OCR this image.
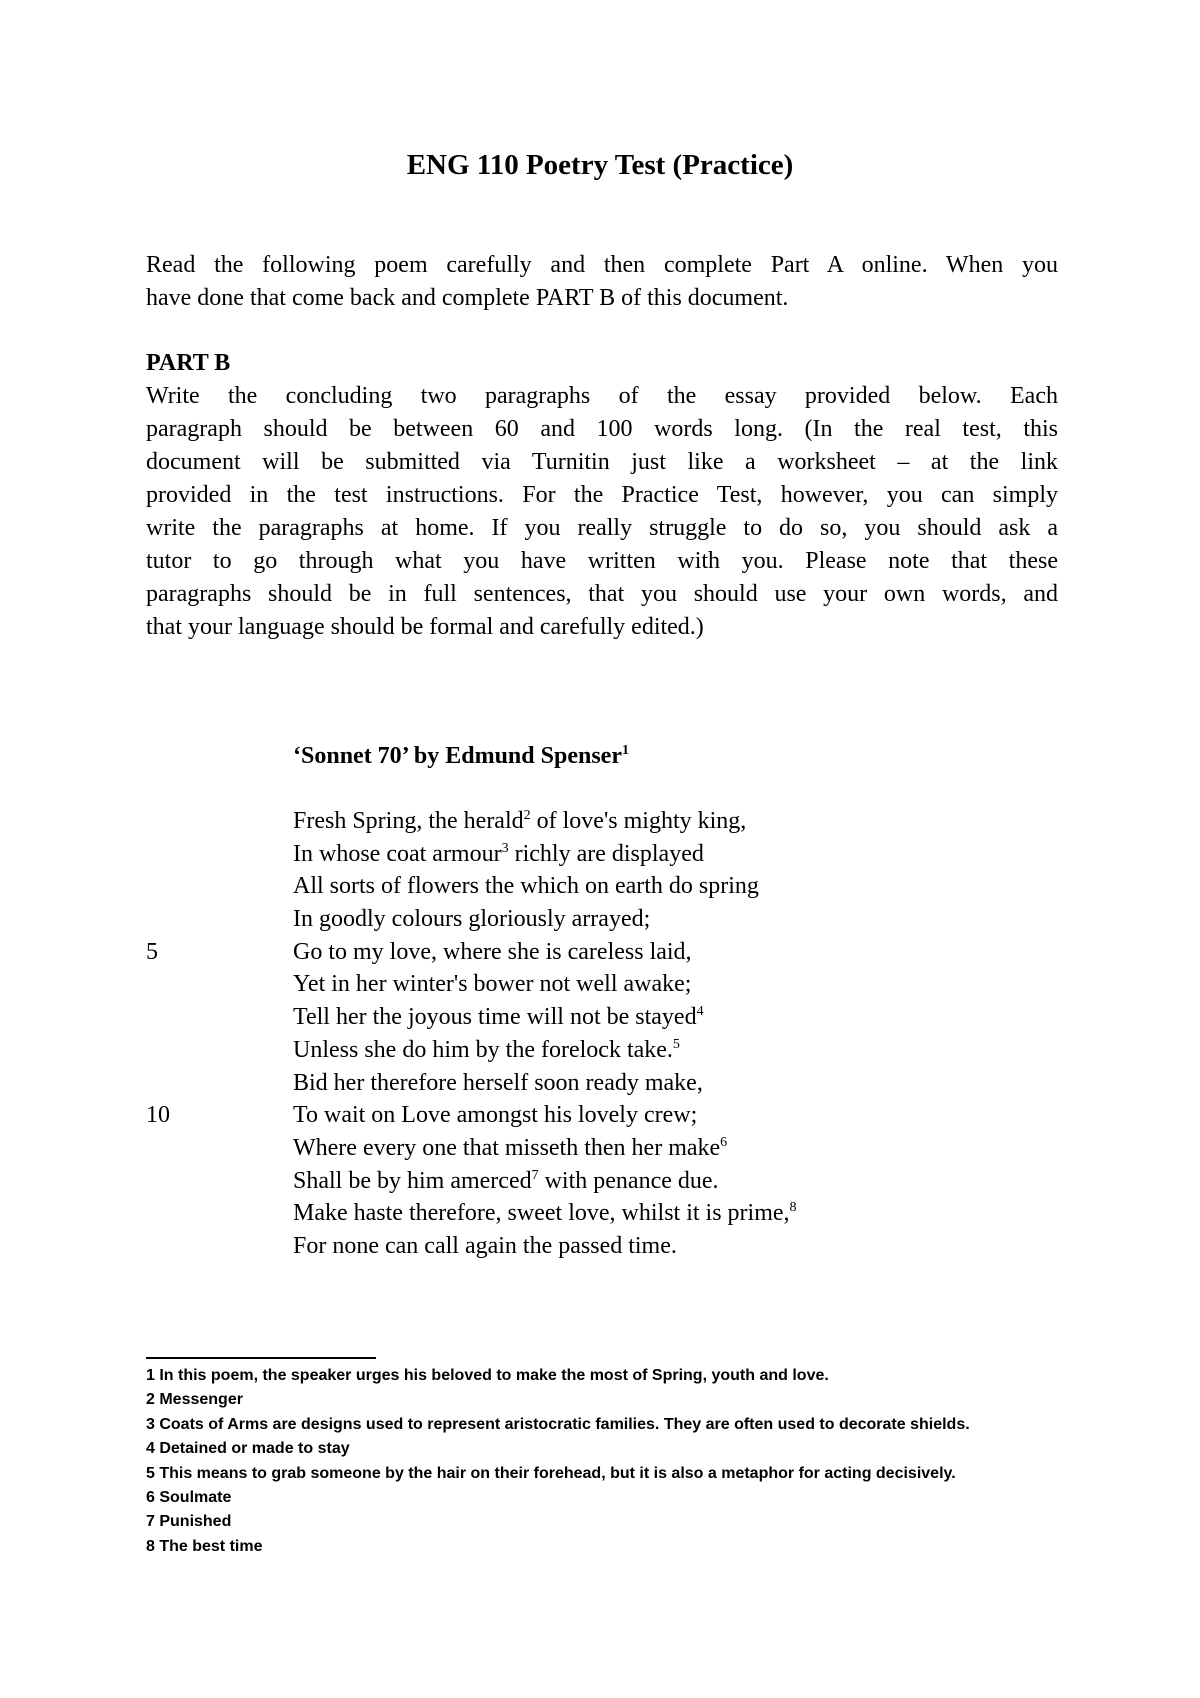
ENG 110 Poetry Test (Practice)
Read the following poem carefully and then complete Part A online. When you
have done that come back and complete PART B of this document.
PART B
Write the concluding two paragraphs of the essay provided below. Each
paragraph should be between 60 and 100 words long. (In the real test, this
document will be submitted via Turnitin just like a worksheet – at the link
provided in the test instructions. For the Practice Test, however, you can simply
write the paragraphs at home. If you really struggle to do so, you should ask a
tutor to go through what you have written with you. Please note that these
paragraphs should be in full sentences, that you should use your own words, and
that your language should be formal and carefully edited.)
‘Sonnet 70’ by Edmund Spenser$^1$
Fresh Spring, the herald$^2$ of love's mighty king,
In whose coat armour$^3$ richly are displayed
All sorts of flowers the which on earth do spring
In goodly colours gloriously arrayed;
5	Go to my love, where she is careless laid,
Yet in her winter's bower not well awake;
Tell her the joyous time will not be stayed$^4$
Unless she do him by the forelock take.$^5$
Bid her therefore herself soon ready make,
10	To wait on Love amongst his lovely crew;
Where every one that misseth then her make$^6$
Shall be by him amerced$^7$ with penance due.
Make haste therefore, sweet love, whilst it is prime,$^8$
For none can call again the passed time.
1 In this poem, the speaker urges his beloved to make the most of Spring, youth and love.
2 Messenger
3 Coats of Arms are designs used to represent aristocratic families. They are often used to decorate shields.
4 Detained or made to stay
5 This means to grab someone by the hair on their forehead, but it is also a metaphor for acting decisively.
6 Soulmate
7 Punished
8 The best time
